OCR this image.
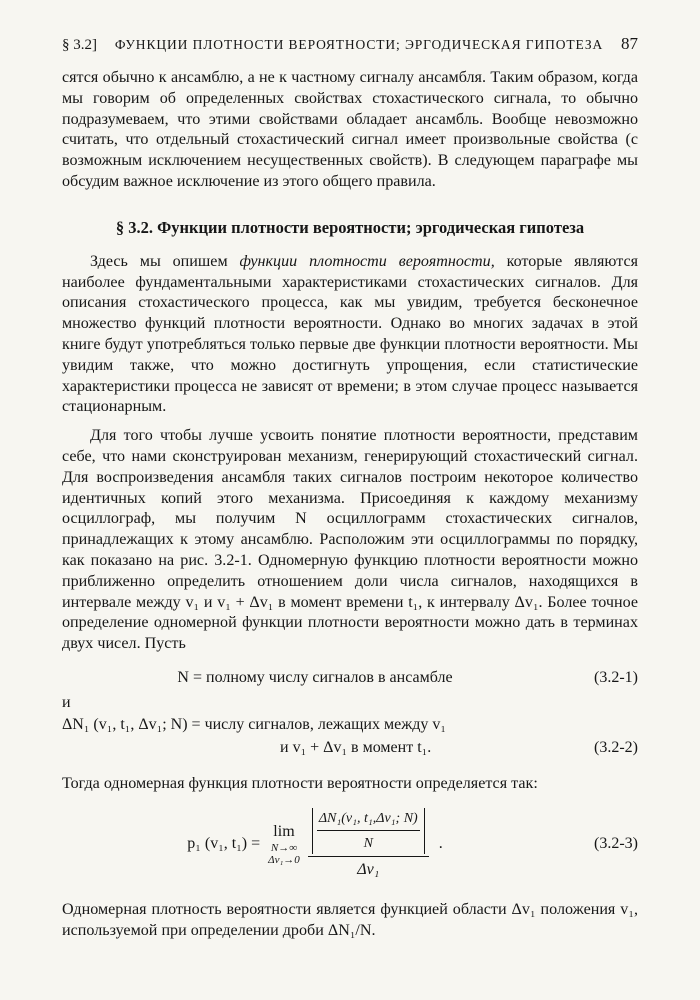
§ 3.2] ФУНКЦИИ ПЛОТНОСТИ ВЕРОЯТНОСТИ; ЭРГОДИЧЕСКАЯ ГИПОТЕЗА 87

сятся обычно к ансамблю, а не к частному сигналу ансамбля. Таким образом, когда мы говорим об определенных свойствах стохастического сигнала, то обычно подразумеваем, что этими свойствами обладает ансамбль. Вообще невозможно считать, что отдельный стохастический сигнал имеет произвольные свойства (с возможным исключением несущественных свойств). В следующем параграфе мы обсудим важное исключение из этого общего правила.

§ 3.2. Функции плотности вероятности; эргодическая гипотеза

Здесь мы опишем функции плотности вероятности, которые являются наиболее фундаментальными характеристиками стохастических сигналов. Для описания стохастического процесса, как мы увидим, требуется бесконечное множество функций плотности вероятности. Однако во многих задачах в этой книге будут употребляться только первые две функции плотности вероятности. Мы увидим также, что можно достигнуть упрощения, если статистические характеристики процесса не зависят от времени; в этом случае процесс называется стационарным.

Для того чтобы лучше усвоить понятие плотности вероятности, представим себе, что нами сконструирован механизм, генерирующий стохастический сигнал. Для воспроизведения ансамбля таких сигналов построим некоторое количество идентичных копий этого механизма. Присоединяя к каждому механизму осциллограф, мы получим N осциллограмм стохастических сигналов, принадлежащих к этому ансамблю. Расположим эти осциллограммы по порядку, как показано на рис. 3.2-1. Одномерную функцию плотности вероятности можно приближенно определить отношением доли числа сигналов, находящихся в интервале между v₁ и v₁ + Δv₁ в момент времени t₁, к интервалу Δv₁. Более точное определение одномерной функции плотности вероятности можно дать в терминах двух чисел. Пусть

N = полному числу сигналов в ансамбле	(3.2-1)
и
ΔN₁ (v₁, t₁, Δv₁; N) = числу сигналов, лежащих между v₁
и v₁ + Δv₁ в момент t₁.	(3.2-2)

Тогда одномерная функция плотности вероятности определяется так:

p₁ (v₁, t₁) =
lim
N→∞
$\Delta v_1\to 0 \frac{\frac{\text{ΔN₁(v₁, t₁,Δv₁; N)}}{N}}{\text{Δv₁}}$ .	(3.2-3)

Одномерная плотность вероятности является функцией области Δv₁ положения v₁, используемой при определении дроби ΔN₁/N.
